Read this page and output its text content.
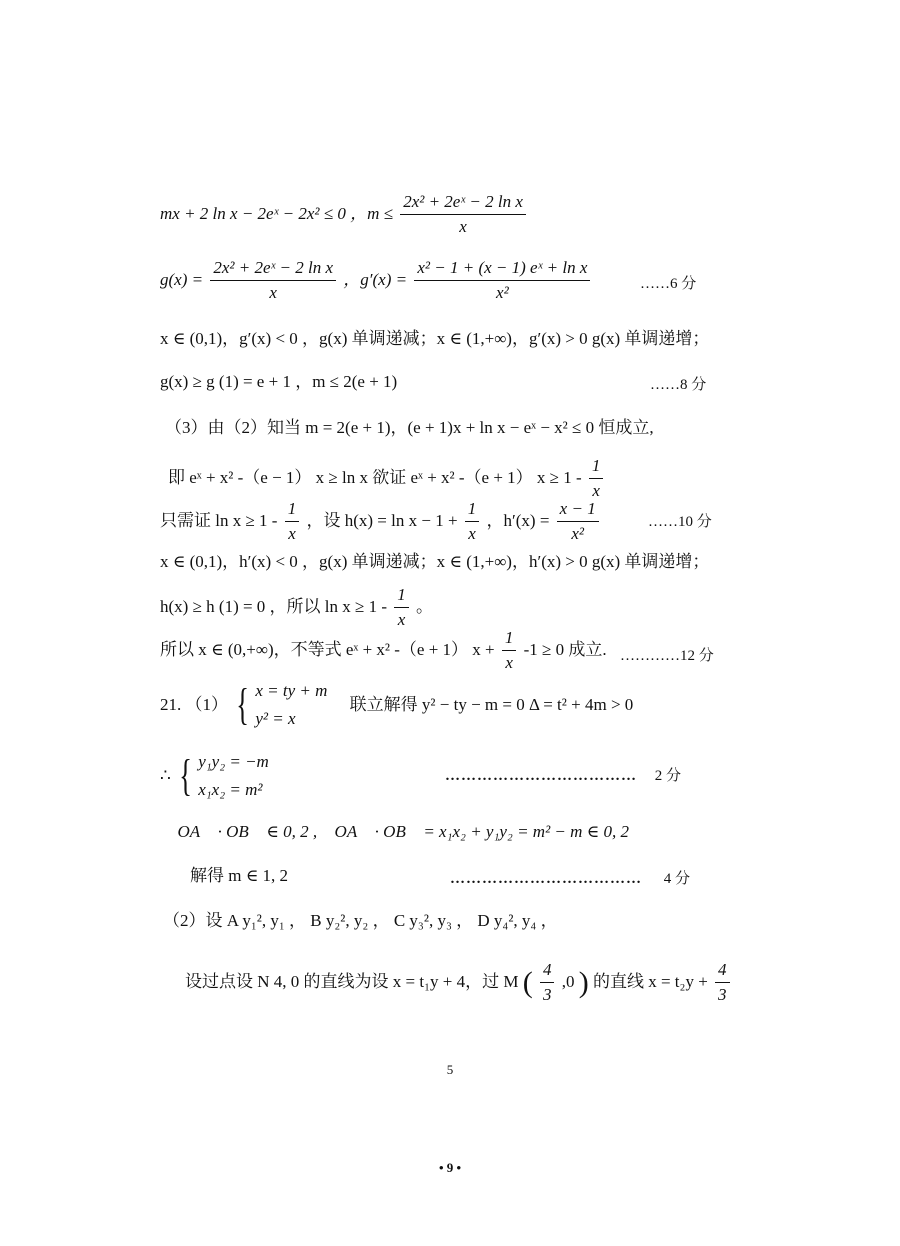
mx + 2 ln x − 2eˣ − 2x² ≤ 0 ，$m \le \frac{\text{2x² + 2eˣ − 2 ln x}}{x}$
$g(x) = \frac{\text{2x² + 2eˣ − 2 ln x}}{x}$ ，$g'(x) = \frac{\text{x² − 1 + (x − 1) eˣ + ln x}}{\text{x²}}$	……6 分
x ∈ (0,1)，g′(x) < 0 ，g(x) 单调递减；x ∈ (1,+∞)，g′(x) > 0 g(x) 单调递增；
g(x) ≥ g (1) = e + 1 ，m ≤ 2(e + 1)	……8 分
（3）由（2）知当 m = 2(e + 1)，(e + 1)x + ln x − eˣ − x² ≤ 0 恒成立,
即 eˣ + x² -（e − 1） x ≥ ln x 欲证 eˣ + x² -（e + 1） $x \ge 1 - \frac{1}{x}$
只需证 $\ln x \ge 1 - \frac{1}{x}$ ，设 $h(x) = \ln x - 1 + \frac{1}{x}$ ，$h'(x) = \frac{x - 1}{\text{x²}}$	……10 分
x ∈ (0,1)，h′(x) < 0 ，g(x) 单调递减；x ∈ (1,+∞)，h′(x) > 0 g(x) 单调递增；
h(x) ≥ h (1) = 0 ，所以 $\ln x \ge 1 - \frac{1}{x}$ 。
所以 x ∈ (0,+∞)，不等式 eˣ + x² -（e + 1） $x + \frac{1}{x} -1 \ge 0$ 成立. …………12 分
21. （1） { x = ty + m
y² = x
联立解得 y² − ty − m = 0 Δ = t² + 4m > 0
∴ { y₁y₂ = −m
x₁x₂ = m²
……………………………… 2 分
∵ OA⃗ · OB⃗ ∈ 0, 2 ,∴ OA⃗ · OB⃗ = x₁x₂ + y₁y₂ = m² − m ∈ 0, 2
解得 m ∈ 1, 2	……………………………… 4 分
（2）设 A y₁², y₁ ， B y₂², y₂ ， C y₃², y₃ ， D y₄², y₄ ，
设过点设 N 4, 0 的直线为设 x = t₁y + 4，过 M ( $\frac{4}{3} ,0$ ) 的直线 $x = t_2y + \frac{4}{3}$
5
• 9 •
